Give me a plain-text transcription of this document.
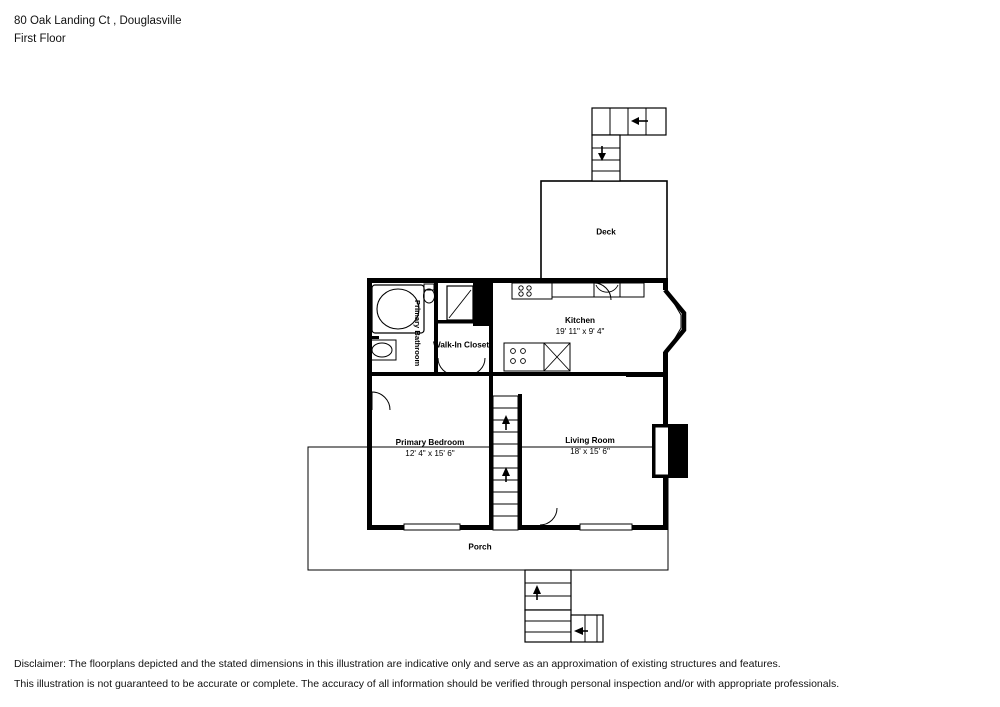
80 Oak Landing Ct , Douglasville
First Floor
Deck
Kitchen
19' 11" x 9' 4"
Walk-In Closet
Living Room
18' x 15' 6"
Primary Bedroom
12' 4" x 15' 6"
Porch
Primary Bathroom
Fireplace
Disclaimer: The floorplans depicted and the stated dimensions in this illustration are indicative only and serve as an approximation of existing structures and features.
This illustration is not guaranteed to be accurate or complete. The accuracy of all information should be verified through personal inspection and/or with appropriate professionals.
